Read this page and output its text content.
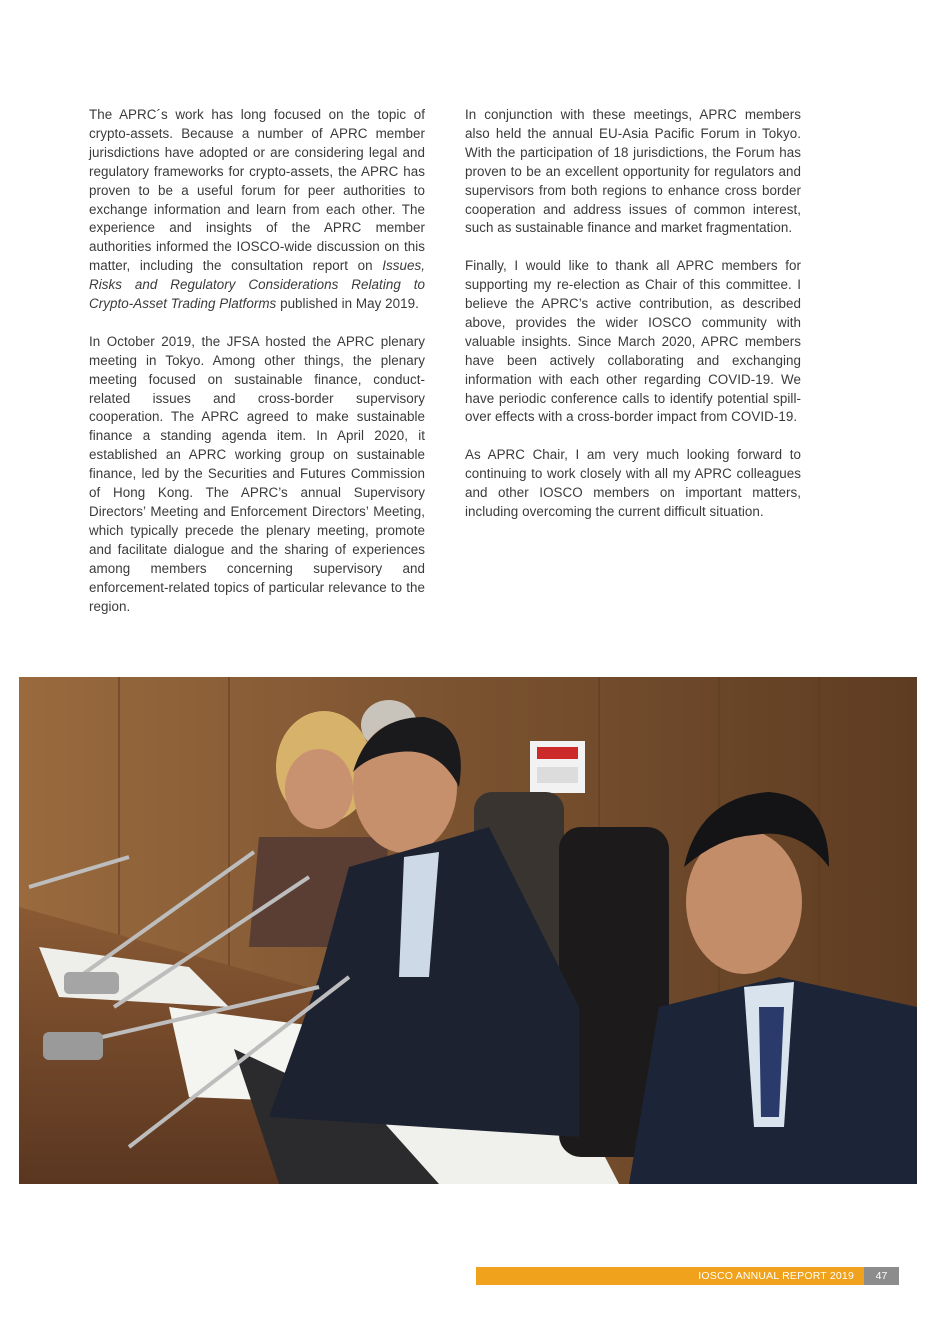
The APRC´s work has long focused on the topic of crypto-assets. Because a number of APRC member jurisdictions have adopted or are considering legal and regulatory frameworks for crypto-assets, the APRC has proven to be a useful forum for peer authorities to exchange information and learn from each other. The experience and insights of the APRC member authorities informed the IOSCO-wide discussion on this matter, including the consultation report on Issues, Risks and Regulatory Considerations Relating to Crypto-Asset Trading Platforms published in May 2019.

In October 2019, the JFSA hosted the APRC plenary meeting in Tokyo. Among other things, the plenary meeting focused on sustainable finance, conduct-related issues and cross-border supervisory cooperation. The APRC agreed to make sustainable finance a standing agenda item. In April 2020, it established an APRC working group on sustainable finance, led by the Securities and Futures Commission of Hong Kong. The APRC’s annual Supervisory Directors’ Meeting and Enforcement Directors’ Meeting, which typically precede the plenary meeting, promote and facilitate dialogue and the sharing of experiences among members concerning supervisory and enforcement-related topics of particular relevance to the region.

In conjunction with these meetings, APRC members also held the annual EU-Asia Pacific Forum in Tokyo. With the participation of 18 jurisdictions, the Forum has proven to be an excellent opportunity for regulators and supervisors from both regions to enhance cross border cooperation and address issues of common interest, such as sustainable finance and market fragmentation.

Finally, I would like to thank all APRC members for supporting my re-election as Chair of this committee. I believe the APRC’s active contribution, as described above, provides the wider IOSCO community with valuable insights. Since March 2020, APRC members have been actively collaborating and exchanging information with each other regarding COVID-19. We have periodic conference calls to identify potential spill-over effects with a cross-border impact from COVID-19.

As APRC Chair, I am very much looking forward to continuing to work closely with all my APRC colleagues and other IOSCO members on important matters, including overcoming the current difficult situation.

IOSCO ANNUAL REPORT 2019	47
